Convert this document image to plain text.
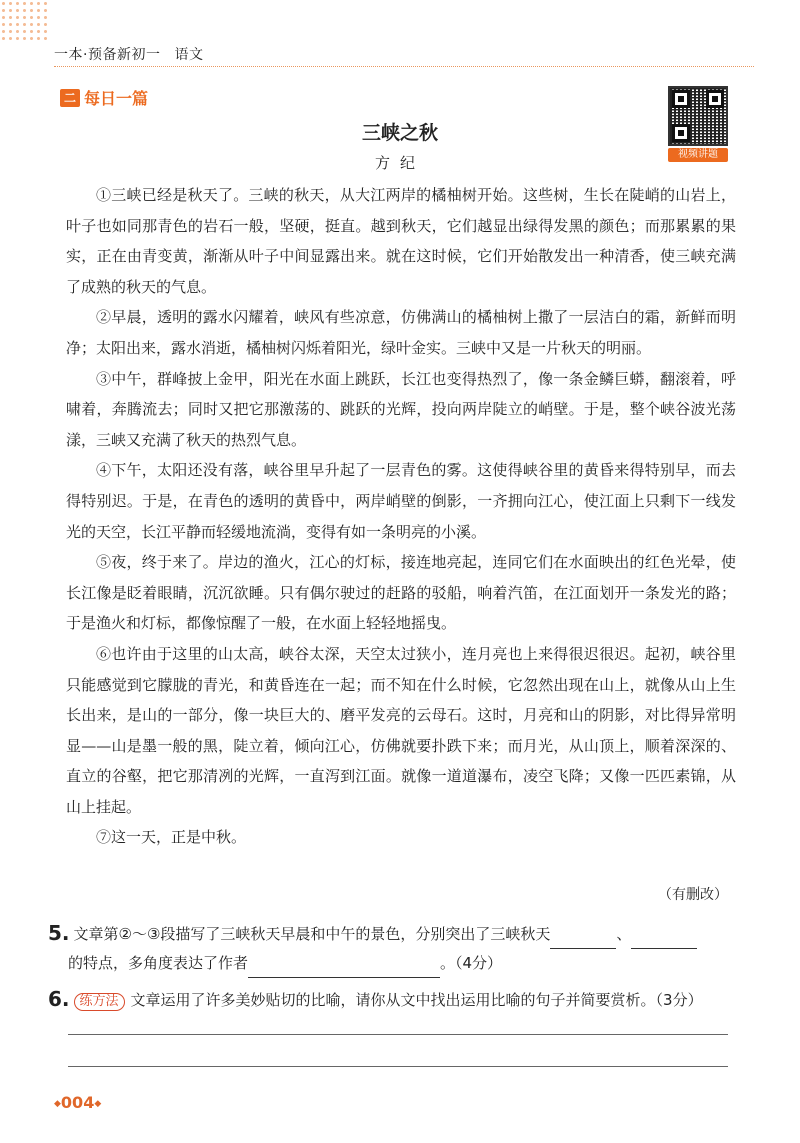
一本·预备新初一 语文
二 每日一篇
视频讲题
三峡之秋
方纪

①三峡已经是秋天了。三峡的秋天，从大江两岸的橘柚树开始。这些树，生长在陡峭的山岩上，叶子也如同那青色的岩石一般，坚硬，挺直。越到秋天，它们越显出绿得发黑的颜色；而那累累的果实，正在由青变黄，渐渐从叶子中间显露出来。就在这时候，它们开始散发出一种清香，使三峡充满了成熟的秋天的气息。

②早晨，透明的露水闪耀着，峡风有些凉意，仿佛满山的橘柚树上撒了一层洁白的霜，新鲜而明净；太阳出来，露水消逝，橘柚树闪烁着阳光，绿叶金实。三峡中又是一片秋天的明丽。

③中午，群峰披上金甲，阳光在水面上跳跃，长江也变得热烈了，像一条金鳞巨蟒，翻滚着，呼啸着，奔腾流去；同时又把它那激荡的、跳跃的光辉，投向两岸陡立的峭壁。于是，整个峡谷波光荡漾，三峡又充满了秋天的热烈气息。

④下午，太阳还没有落，峡谷里早升起了一层青色的雾。这使得峡谷里的黄昏来得特别早，而去得特别迟。于是，在青色的透明的黄昏中，两岸峭壁的倒影，一齐拥向江心，使江面上只剩下一线发光的天空，长江平静而轻缓地流淌，变得有如一条明亮的小溪。

⑤夜，终于来了。岸边的渔火，江心的灯标，接连地亮起，连同它们在水面映出的红色光晕，使长江像是眨着眼睛，沉沉欲睡。只有偶尔驶过的赶路的驳船，响着汽笛，在江面划开一条发光的路；于是渔火和灯标，都像惊醒了一般，在水面上轻轻地摇曳。

⑥也许由于这里的山太高，峡谷太深，天空太过狭小，连月亮也上来得很迟很迟。起初，峡谷里只能感觉到它朦胧的青光，和黄昏连在一起；而不知在什么时候，它忽然出现在山上，就像从山上生长出来，是山的一部分，像一块巨大的、磨平发亮的云母石。这时，月亮和山的阴影，对比得异常明显——山是墨一般的黑，陡立着，倾向江心，仿佛就要扑跌下来；而月光，从山顶上，顺着深深的、直立的谷壑，把它那清冽的光辉，一直泻到江面。就像一道道瀑布，凌空飞降；又像一匹匹素锦，从山上挂起。

⑦这一天，正是中秋。

（有删改）
5. 文章第②～③段描写了三峡秋天早晨和中午的景色，分别突出了三峡秋天	、
的特点，多角度表达了作者	。（4分）
6. 练方法 文章运用了许多美妙贴切的比喻，请你从文中找出运用比喻的句子并简要赏析。（3分）
◆004◆
